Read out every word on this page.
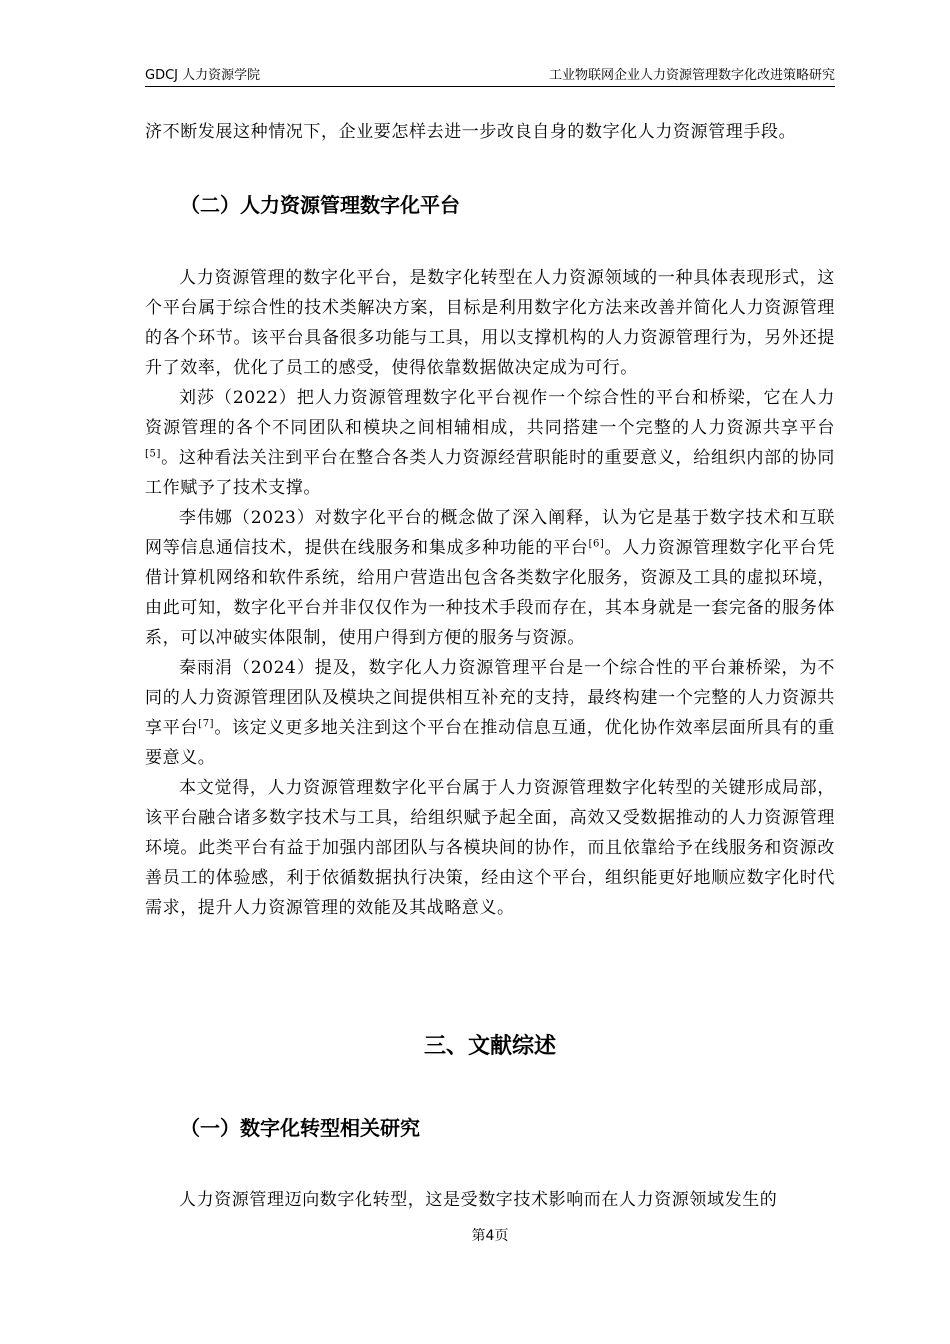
GDCJ 人力资源学院	工业物联网企业人力资源管理数字化改进策略研究

济不断发展这种情况下，企业要怎样去进一步改良自身的数字化人力资源管理手段。

（二）人力资源管理数字化平台

人力资源管理的数字化平台，是数字化转型在人力资源领域的一种具体表现形式，这个平台属于综合性的技术类解决方案，目标是利用数字化方法来改善并简化人力资源管理的各个环节。该平台具备很多功能与工具，用以支撑机构的人力资源管理行为，另外还提升了效率，优化了员工的感受，使得依靠数据做决定成为可行。

刘莎（2022）把人力资源管理数字化平台视作一个综合性的平台和桥梁，它在人力资源管理的各个不同团队和模块之间相辅相成，共同搭建一个完整的人力资源共享平台[5]。这种看法关注到平台在整合各类人力资源经营职能时的重要意义，给组织内部的协同工作赋予了技术支撑。

李伟娜（2023）对数字化平台的概念做了深入阐释，认为它是基于数字技术和互联网等信息通信技术，提供在线服务和集成多种功能的平台[6]。人力资源管理数字化平台凭借计算机网络和软件系统，给用户营造出包含各类数字化服务，资源及工具的虚拟环境，由此可知，数字化平台并非仅仅作为一种技术手段而存在，其本身就是一套完备的服务体系，可以冲破实体限制，使用户得到方便的服务与资源。

秦雨涓（2024）提及，数字化人力资源管理平台是一个综合性的平台兼桥梁，为不同的人力资源管理团队及模块之间提供相互补充的支持，最终构建一个完整的人力资源共享平台[7]。该定义更多地关注到这个平台在推动信息互通，优化协作效率层面所具有的重要意义。

本文觉得，人力资源管理数字化平台属于人力资源管理数字化转型的关键形成局部，该平台融合诸多数字技术与工具，给组织赋予起全面，高效又受数据推动的人力资源管理环境。此类平台有益于加强内部团队与各模块间的协作，而且依靠给予在线服务和资源改善员工的体验感，利于依循数据执行决策，经由这个平台，组织能更好地顺应数字化时代需求，提升人力资源管理的效能及其战略意义。

三、文献综述
（一）数字化转型相关研究

人力资源管理迈向数字化转型，这是受数字技术影响而在人力资源领域发生的

第4页
